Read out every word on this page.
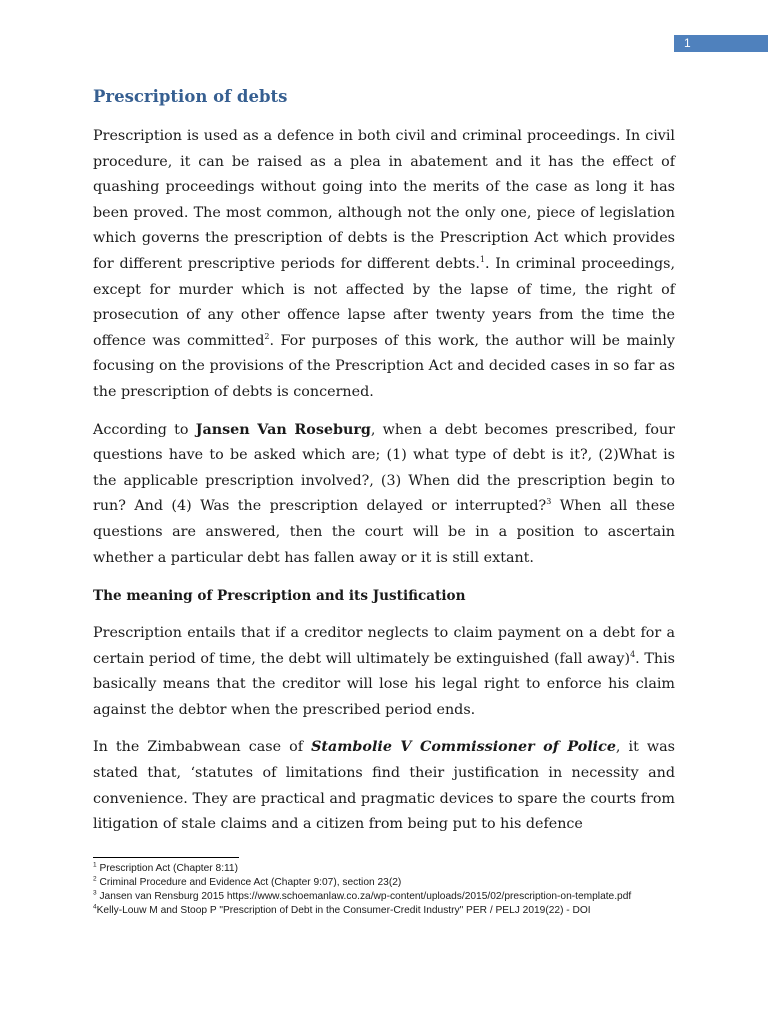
1
Prescription of debts

Prescription is used as a defence in both civil and criminal proceedings. In civil procedure, it can be raised as a plea in abatement and it has the effect of quashing proceedings without going into the merits of the case as long it has been proved. The most common, although not the only one, piece of legislation which governs the prescription of debts is the Prescription Act which provides for different prescriptive periods for different debts.$^1$. In criminal proceedings, except for murder which is not affected by the lapse of time, the right of prosecution of any other offence lapse after twenty years from the time the offence was committed$^2$. For purposes of this work, the author will be mainly focusing on the provisions of the Prescription Act and decided cases in so far as the prescription of debts is concerned.

According to Jansen Van Roseburg, when a debt becomes prescribed, four questions have to be asked which are; (1) what type of debt is it?, (2)What is the applicable prescription involved?, (3) When did the prescription begin to run? And (4) Was the prescription delayed or interrupted?$^3$ When all these questions are answered, then the court will be in a position to ascertain whether a particular debt has fallen away or it is still extant.

The meaning of Prescription and its Justification

Prescription entails that if a creditor neglects to claim payment on a debt for a certain period of time, the debt will ultimately be extinguished (fall away)$^4$. This basically means that the creditor will lose his legal right to enforce his claim against the debtor when the prescribed period ends.

In the Zimbabwean case of Stambolie V Commissioner of Police, it was stated that, ‘statutes of limitations find their justification in necessity and convenience. They are practical and pragmatic devices to spare the courts from litigation of stale claims and a citizen from being put to his defence

$^1$ Prescription Act (Chapter 8:11)
$^2$ Criminal Procedure and Evidence Act (Chapter 9:07), section 23(2)
$^3$ Jansen van Rensburg 2015 https://www.schoemanlaw.co.za/wp-content/uploads/2015/02/prescription-on-template.pdf
$^4$Kelly-Louw M and Stoop P "Prescription of Debt in the Consumer-Credit Industry" PER / PELJ 2019(22) - DOI
